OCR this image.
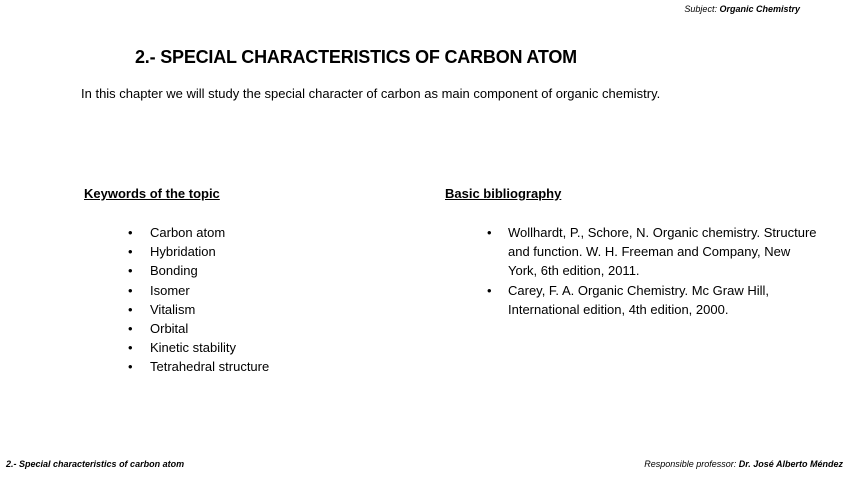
Subject: Organic Chemistry
2.- SPECIAL CHARACTERISTICS OF CARBON ATOM
In this chapter we will study the special character of carbon as main component of organic chemistry.
Keywords of the topic
•	Carbon atom
•	Hybridation
•	Bonding
•	Isomer
•	Vitalism
•	Orbital
•	Kinetic stability
•	Tetrahedral structure
Basic bibliography
•	Wollhardt, P., Schore, N. Organic chemistry. Structure and function. W. H. Freeman and Company, New York, 6th edition, 2011.
•	Carey, F. A. Organic Chemistry. Mc Graw Hill, International edition, 4th edition, 2000.
2.- Special characteristics of carbon atom	Responsible professor: Dr. José Alberto Méndez
